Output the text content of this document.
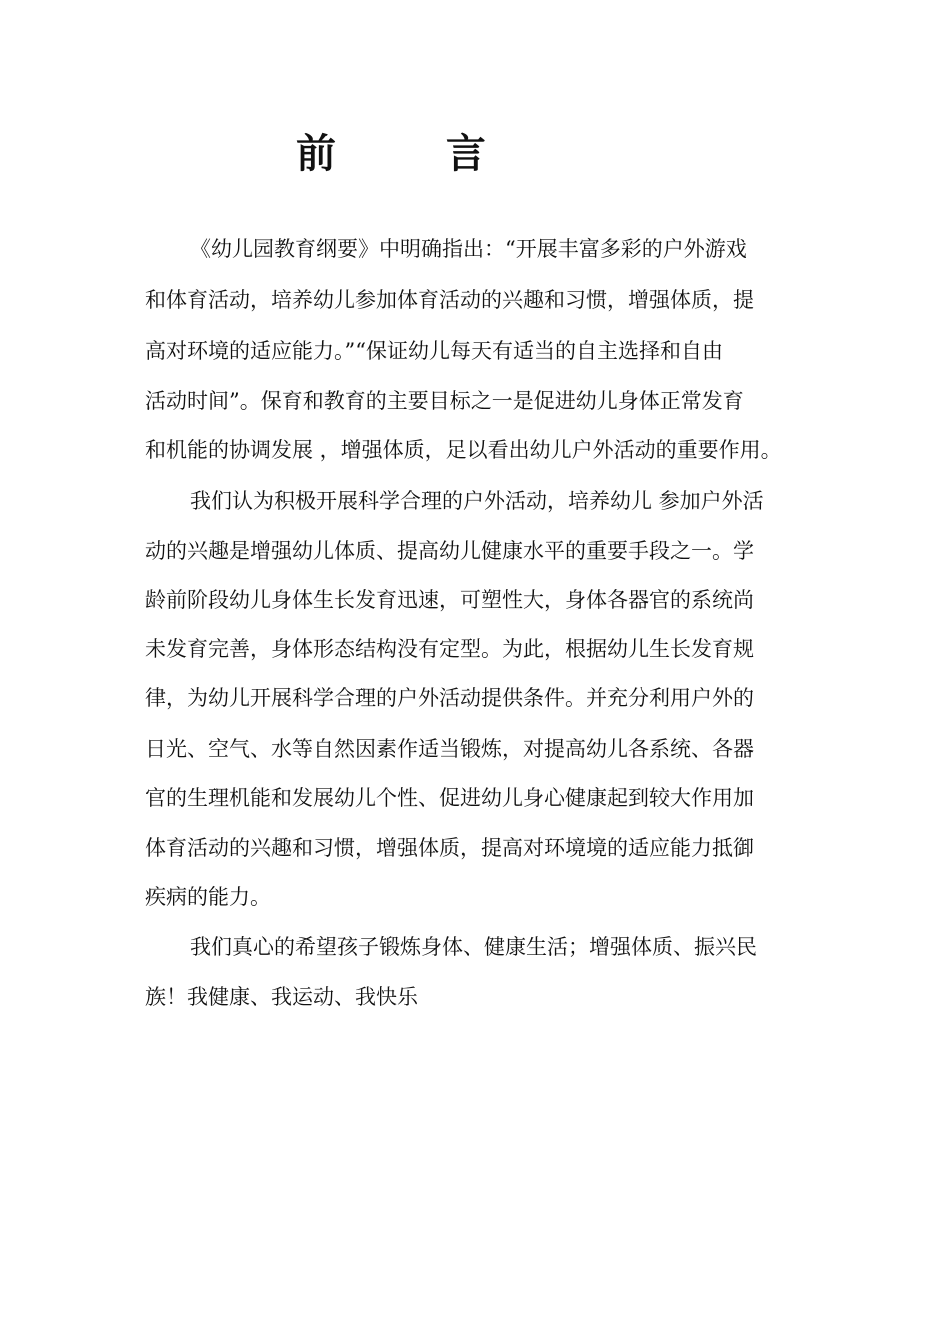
前 言
《幼儿园教育纲要》中明确指出：“开展丰富多彩的户外游戏
和体育活动，培养幼儿参加体育活动的兴趣和习惯，增强体质，提
高对环境的适应能力。”“保证幼儿每天有适当的自主选择和自由
活动时间”。保育和教育的主要目标之一是促进幼儿身体正常发育
和机能的协调发展 ，增强体质，足以看出幼儿户外活动的重要作用。
我们认为积极开展科学合理的户外活动，培养幼儿 参加户外活
动的兴趣是增强幼儿体质、提高幼儿健康水平的重要手段之一。学
龄前阶段幼儿身体生长发育迅速，可塑性大，身体各器官的系统尚
未发育完善，身体形态结构没有定型。为此，根据幼儿生长发育规
律，为幼儿开展科学合理的户外活动提供条件。并充分利用户外的
日光、空气、水等自然因素作适当锻炼，对提高幼儿各系统、各器
官的生理机能和发展幼儿个性、促进幼儿身心健康起到较大作用加
体育活动的兴趣和习惯，增强体质，提高对环境境的适应能力抵御
疾病的能力。
我们真心的希望孩子锻炼身体、健康生活；增强体质、振兴民
族！我健康、我运动、我快乐
